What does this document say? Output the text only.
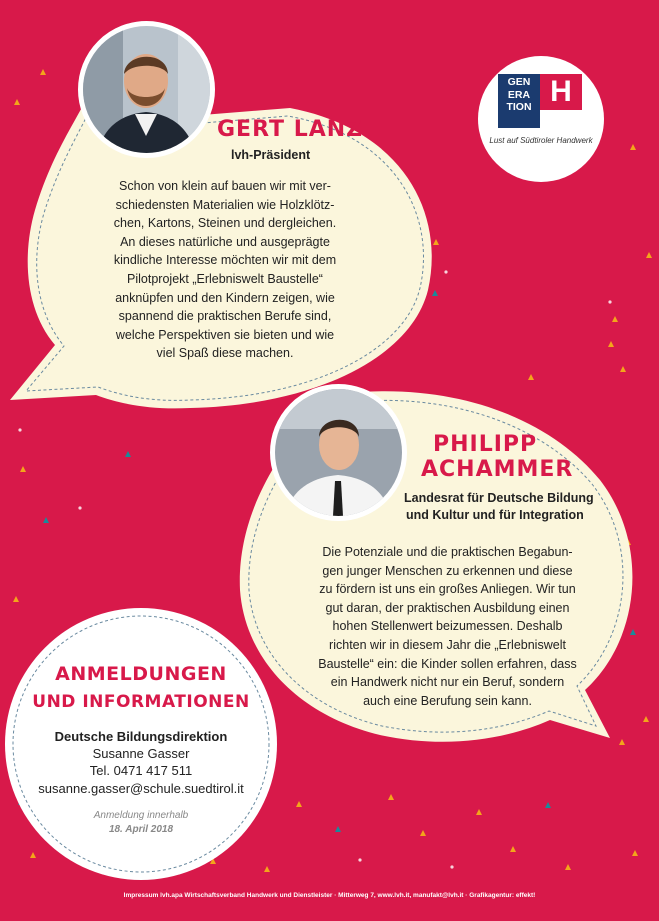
GEN
ERA
TION H
Lust auf Südtiroler Handwerk
GERT LANZ
lvh-Präsident
Schon von klein auf bauen wir mit ver-
schiedensten Materialien wie Holzklötz-
chen, Kartons, Steinen und dergleichen.
An dieses natürliche und ausgeprägte
kindliche Interesse möchten wir mit dem
Pilotprojekt „Erlebniswelt Baustelle“
anknüpfen und den Kindern zeigen, wie
spannend die praktischen Berufe sind,
welche Perspektiven sie bieten und wie
viel Spaß diese machen.
PHILIPP
ACHAMMER
Landesrat für Deutsche Bildung
und Kultur und für Integration
Die Potenziale und die praktischen Begabun-
gen junger Menschen zu erkennen und diese
zu fördern ist uns ein großes Anliegen. Wir tun
gut daran, der praktischen Ausbildung einen
hohen Stellenwert beizumessen. Deshalb
richten wir in diesem Jahr die „Erlebniswelt
Baustelle“ ein: die Kinder sollen erfahren, dass
ein Handwerk nicht nur ein Beruf, sondern
auch eine Berufung sein kann.
ANMELDUNGEN
UND INFORMATIONEN
Deutsche Bildungsdirektion
Susanne Gasser
Tel. 0471 417 511
susanne.gasser@schule.suedtirol.it
Anmeldung innerhalb
18. April 2018
Impressum lvh.apa Wirtschaftsverband Handwerk und Dienstleister · Mitterweg 7, www.lvh.it, manufakt@lvh.it · Grafikagentur: effekt!
